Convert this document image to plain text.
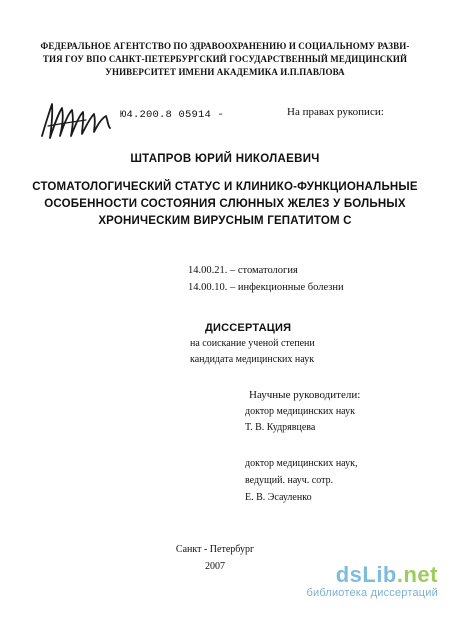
ФЕДЕРАЛЬНОЕ АГЕНТСТВО ПО ЗДРАВООХРАНЕНИЮ И СОЦИАЛЬНОМУ РАЗВИ-
ТИЯ ГОУ ВПО САНКТ-ПЕТЕРБУРГСКИЙ ГОСУДАРСТВЕННЫЙ МЕДИЦИНСКИЙ
УНИВЕРСИТЕТ ИМЕНИ АКАДЕМИКА И.П.ПАВЛОВА
Ю4.200.8 05914 -	На правах рукописи:
ШТАПРОВ ЮРИЙ НИКОЛАЕВИЧ
СТОМАТОЛОГИЧЕСКИЙ СТАТУС И КЛИНИКО-ФУНКЦИОНАЛЬНЫЕ
ОСОБЕННОСТИ СОСТОЯНИЯ СЛЮННЫХ ЖЕЛЕЗ У БОЛЬНЫХ
ХРОНИЧЕСКИМ ВИРУСНЫМ ГЕПАТИТОМ С
14.00.21. – стоматология
14.00.10. – инфекционные болезни
ДИССЕРТАЦИЯ
на соискание ученой степени
кандидата медицинских наук
Научные руководители:
доктор медицинских наук
Т. В. Кудрявцева
доктор медицинских наук,
ведущий. науч. сотр.
Е. В. Эсауленко
Санкт - Петербург
2007	dsLib.net
библиотека диссертаций
